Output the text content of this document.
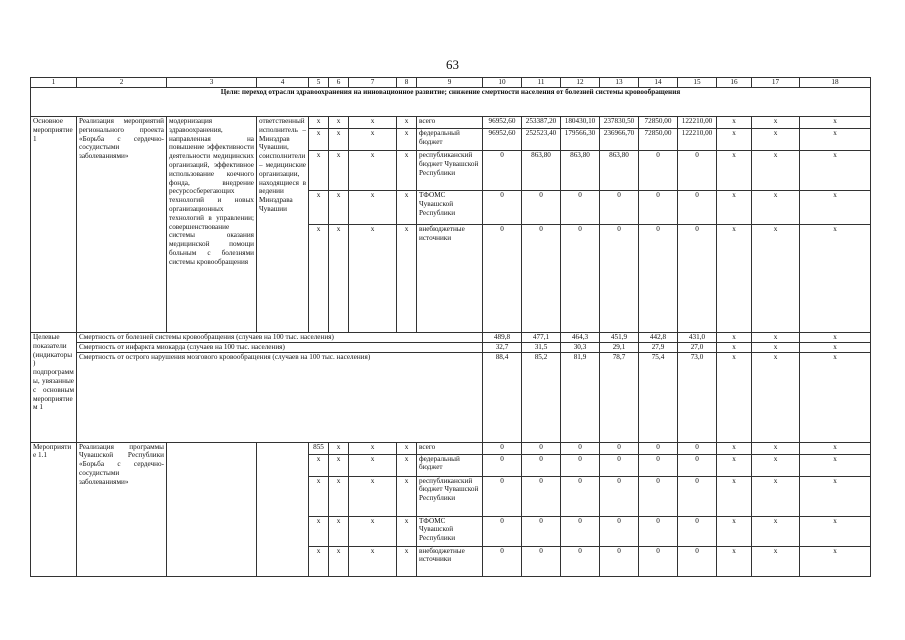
63
1	2	3	4	5	6	7	8	9	10	11	12	13	14	15	16	17	18
Цели: переход отрасли здравоохранения на инновационное развитие; снижение смертности населения от болезней системы кровообращения																	
Основное мероприятие 1	Реализация мероприятий регионального проекта «Борьба с сердечно-сосудистыми заболеваниями»	модернизация здравоохранения, направленная на повышение эффективности деятельности медицинских организаций, эффективное использование коечного фонда, внедрение ресурсосберегающих технологий и новых организационных технологий в управлении; совершенствование системы оказания медицинской помощи больным с болезнями системы кровообращения	ответственный исполнитель – Минздрав Чувашии, соисполнители – медицинские организации, находящиеся в ведении Минздрава Чувашии	x	x	x	x	всего	96952,60	253387,20	180430,10	237830,50	72850,00	122210,00	x	x	x
				x	x	x	x	федеральный бюджет	96952,60	252523,40	179566,30	236966,70	72850,00	122210,00	x	x	x
				x	x	x	x	республиканский бюджет Чувашской Республики	0	863,80	863,80	863,80	0	0	x	x	x
				x	x	x	x	ТФОМС Чувашской Республики	0	0	0	0	0	0	x	x	x
				x	x	x	x	внебюджетные источники	0	0	0	0	0	0	x	x	x
Целевые показатели (индикаторы) подпрограммы, увязанные с основным мероприятием 1	Смертность от болезней системы кровообращения (случаев на 100 тыс. населения)								489,8	477,1	464,3	451,9	442,8	431,0	x	x	x
	Смертность от инфаркта миокарда (случаев на 100 тыс. населения)								32,7	31,5	30,3	29,1	27,9	27,0	x	x	x
	Смертность от острого нарушения мозгового кровообращения (случаев на 100 тыс. населения)								88,4	85,2	81,9	78,7	75,4	73,0	x	x	x
Мероприятие 1.1	Реализация программы Чувашской Республики «Борьба с сердечно-сосудистыми заболеваниями»			855	x	x	x	всего	0	0	0	0	0	0	x	x	x
				x	x	x	x	федеральный бюджет	0	0	0	0	0	0	x	x	x
				x	x	x	x	республиканский бюджет Чувашской Республики	0	0	0	0	0	0	x	x	x
				x	x	x	x	ТФОМС Чувашской Республики	0	0	0	0	0	0	x	x	x
				x	x	x	x	внебюджетные источники	0	0	0	0	0	0	x	x	x
